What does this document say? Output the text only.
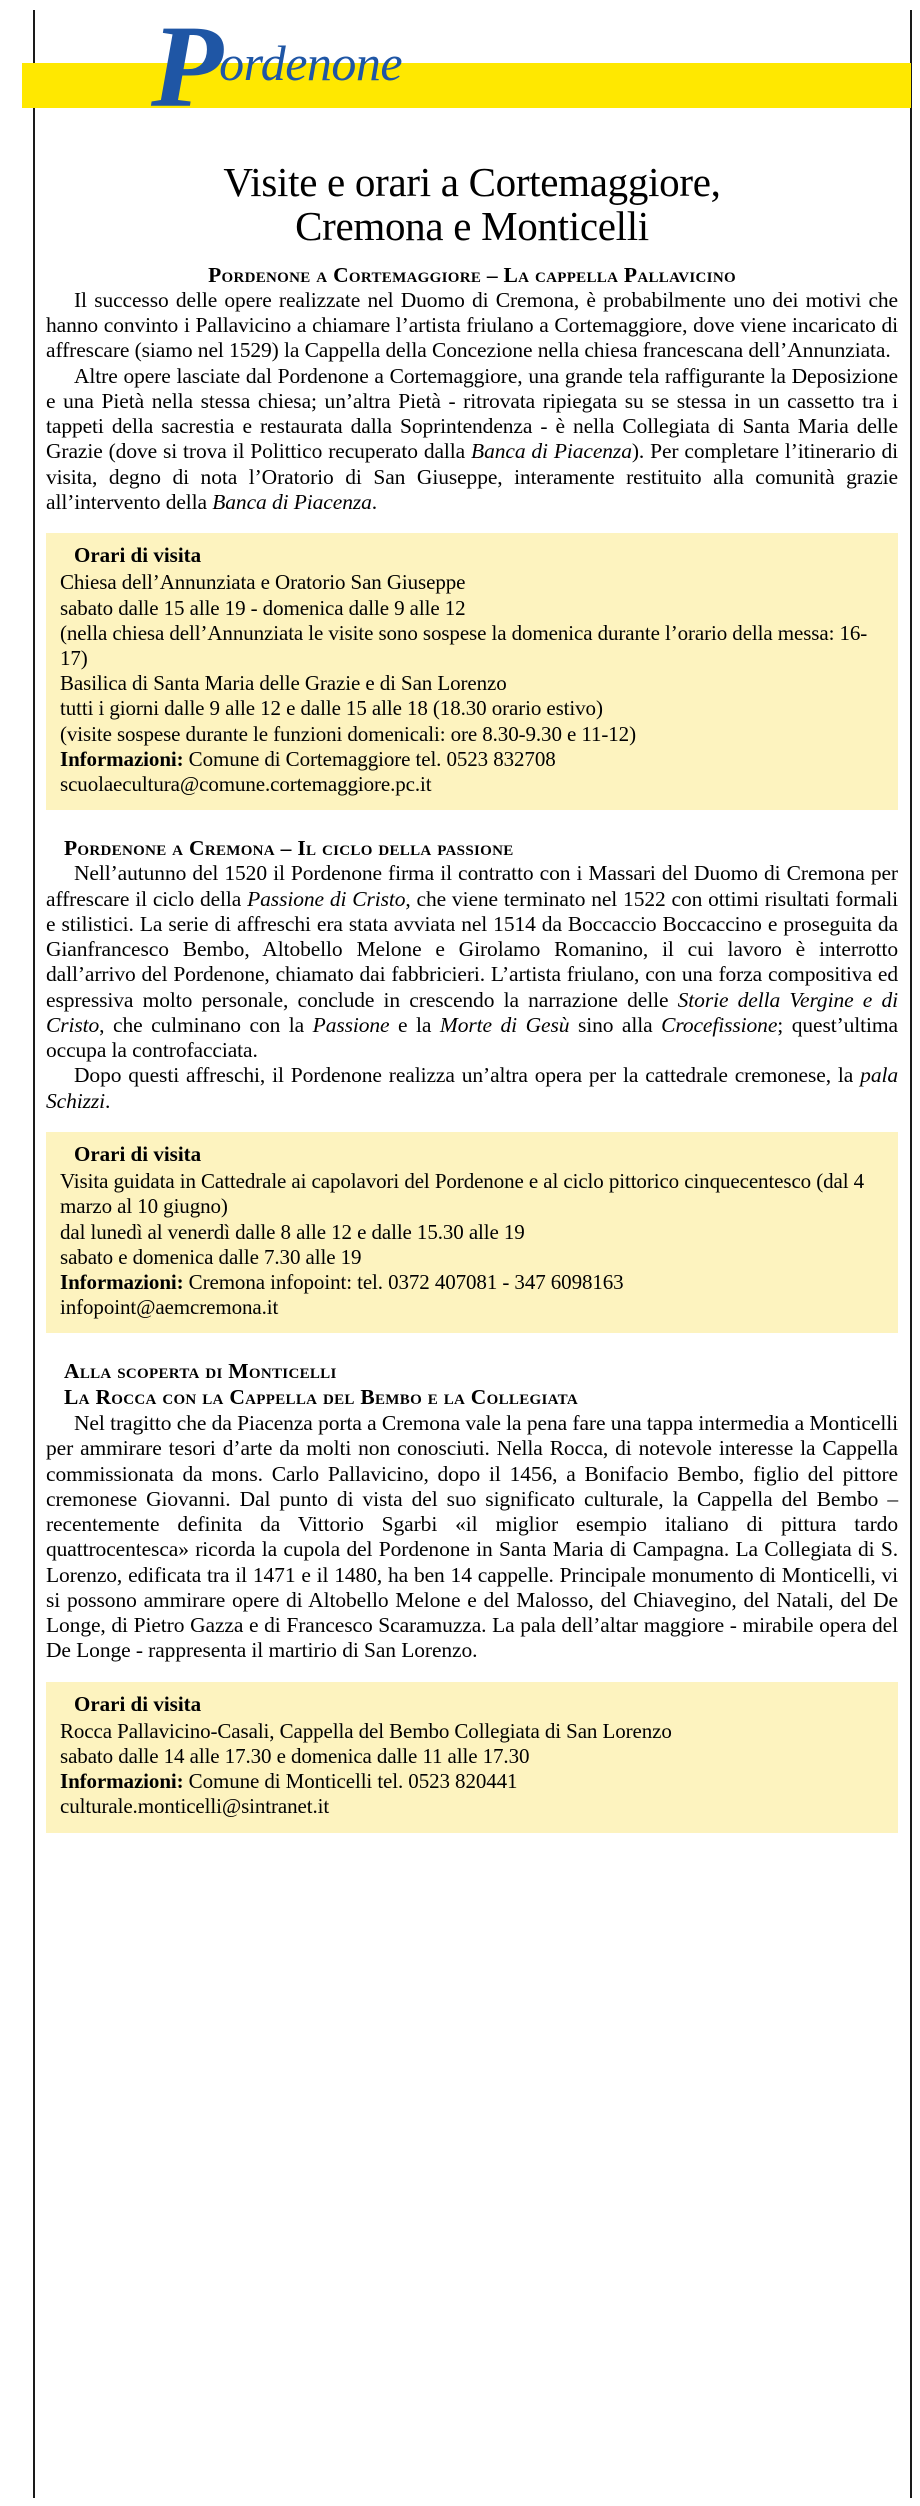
Pordenone
Visite e orari a Cortemaggiore,
Cremona e Monticelli
Pordenone a Cortemaggiore – La cappella Pallavicino

Il successo delle opere realizzate nel Duomo di Cremona, è probabilmente uno dei motivi che hanno convinto i Pallavicino a chiamare l’artista friulano a Cortemaggiore, dove viene incaricato di affrescare (siamo nel 1529) la Cappella della Concezione nella chiesa francescana dell’Annunziata.

Altre opere lasciate dal Pordenone a Cortemaggiore, una grande tela raffigurante la Deposizione e una Pietà nella stessa chiesa; un’altra Pietà - ritrovata ripiegata su se stessa in un cassetto tra i tappeti della sacrestia e restaurata dalla Soprintendenza - è nella Collegiata di Santa Maria delle Grazie (dove si trova il Polittico recuperato dalla Banca di Piacenza). Per completare l’itinerario di visita, degno di nota l’Oratorio di San Giuseppe, interamente restituito alla comunità grazie all’intervento della Banca di Piacenza.

Orari di visita

Chiesa dell’Annunziata e Oratorio San Giuseppe

sabato dalle 15 alle 19 - domenica dalle 9 alle 12

(nella chiesa dell’Annunziata le visite sono sospese la domenica durante l’orario della messa: 16-17)

Basilica di Santa Maria delle Grazie e di San Lorenzo

tutti i giorni dalle 9 alle 12 e dalle 15 alle 18 (18.30 orario estivo)

(visite sospese durante le funzioni domenicali: ore 8.30-9.30 e 11-12)

Informazioni: Comune di Cortemaggiore tel. 0523 832708

scuolaecultura@comune.cortemaggiore.pc.it

Pordenone a Cremona – Il ciclo della passione

Nell’autunno del 1520 il Pordenone firma il contratto con i Massari del Duomo di Cremona per affrescare il ciclo della Passione di Cristo, che viene terminato nel 1522 con ottimi risultati formali e stilistici. La serie di affreschi era stata avviata nel 1514 da Boccaccio Boccaccino e proseguita da Gianfrancesco Bembo, Altobello Melone e Girolamo Romanino, il cui lavoro è interrotto dall’arrivo del Pordenone, chiamato dai fabbricieri. L’artista friulano, con una forza compositiva ed espressiva molto personale, conclude in crescendo la narrazione delle Storie della Vergine e di Cristo, che culminano con la Passione e la Morte di Gesù sino alla Crocefissione; quest’ultima occupa la controfacciata.

Dopo questi affreschi, il Pordenone realizza un’altra opera per la cattedrale cremonese, la pala Schizzi.

Orari di visita

Visita guidata in Cattedrale ai capolavori del Pordenone e al ciclo pittorico cinquecentesco (dal 4 marzo al 10 giugno)

dal lunedì al venerdì dalle 8 alle 12 e dalle 15.30 alle 19

sabato e domenica dalle 7.30 alle 19

Informazioni: Cremona infopoint: tel. 0372 407081 - 347 6098163

infopoint@aemcremona.it

Alla scoperta di Monticelli
La Rocca con la Cappella del Bembo e la Collegiata

Nel tragitto che da Piacenza porta a Cremona vale la pena fare una tappa intermedia a Monticelli per ammirare tesori d’arte da molti non conosciuti. Nella Rocca, di notevole interesse la Cappella commissionata da mons. Carlo Pallavicino, dopo il 1456, a Bonifacio Bembo, figlio del pittore cremonese Giovanni. Dal punto di vista del suo significato culturale, la Cappella del Bembo – recentemente definita da Vittorio Sgarbi «il miglior esempio italiano di pittura tardo quattrocentesca» ricorda la cupola del Pordenone in Santa Maria di Campagna. La Collegiata di S. Lorenzo, edificata tra il 1471 e il 1480, ha ben 14 cappelle. Principale monumento di Monticelli, vi si possono ammirare opere di Altobello Melone e del Malosso, del Chiavegino, del Natali, del De Longe, di Pietro Gazza e di Francesco Scaramuzza. La pala dell’altar maggiore - mirabile opera del De Longe - rappresenta il martirio di San Lorenzo.

Orari di visita

Rocca Pallavicino-Casali, Cappella del Bembo Collegiata di San Lorenzo

sabato dalle 14 alle 17.30 e domenica dalle 11 alle 17.30

Informazioni: Comune di Monticelli tel. 0523 820441

culturale.monticelli@sintranet.it
